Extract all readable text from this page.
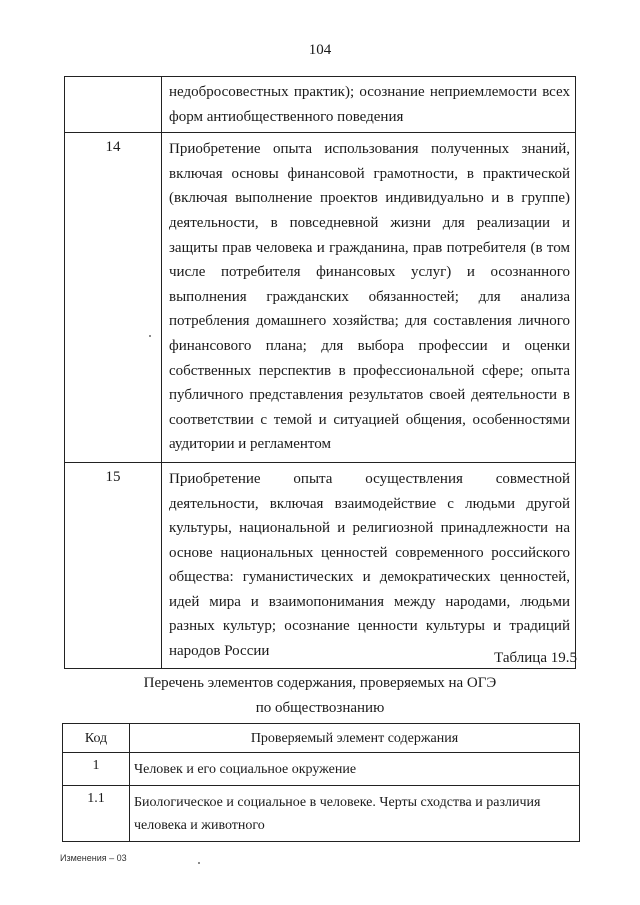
104
	недобросовестных практик); осознание неприемлемости всех форм антиобщественного поведения
14	Приобретение опыта использования полученных знаний, включая основы финансовой грамотности, в практической (включая выполнение проектов индивидуально и в группе) деятельности, в повседневной жизни для реализации и защиты прав человека и гражданина, прав потребителя (в том числе потребителя финансовых услуг) и осознанного выполнения гражданских обязанностей; для анализа потребления домашнего хозяйства; для составления личного финансового плана; для выбора профессии и оценки собственных перспектив в профессиональной сфере; опыта публичного представления результатов своей деятельности в соответствии с темой и ситуацией общения, особенностями аудитории и регламентом
15	Приобретение опыта осуществления совместной деятельности, включая взаимодействие с людьми другой культуры, национальной и религиозной принадлежности на основе национальных ценностей современного российского общества: гуманистических и демократических ценностей, идей мира и взаимопонимания между народами, людьми разных культур; осознание ценности культуры и традиций народов России	Таблица 19.5
Перечень элементов содержания, проверяемых на ОГЭ
по обществознанию
Код	Проверяемый элемент содержания
1	Человек и его социальное окружение
1.1	Биологическое и социальное в человеке. Черты сходства и различия человека и животного
Изменения – 03
